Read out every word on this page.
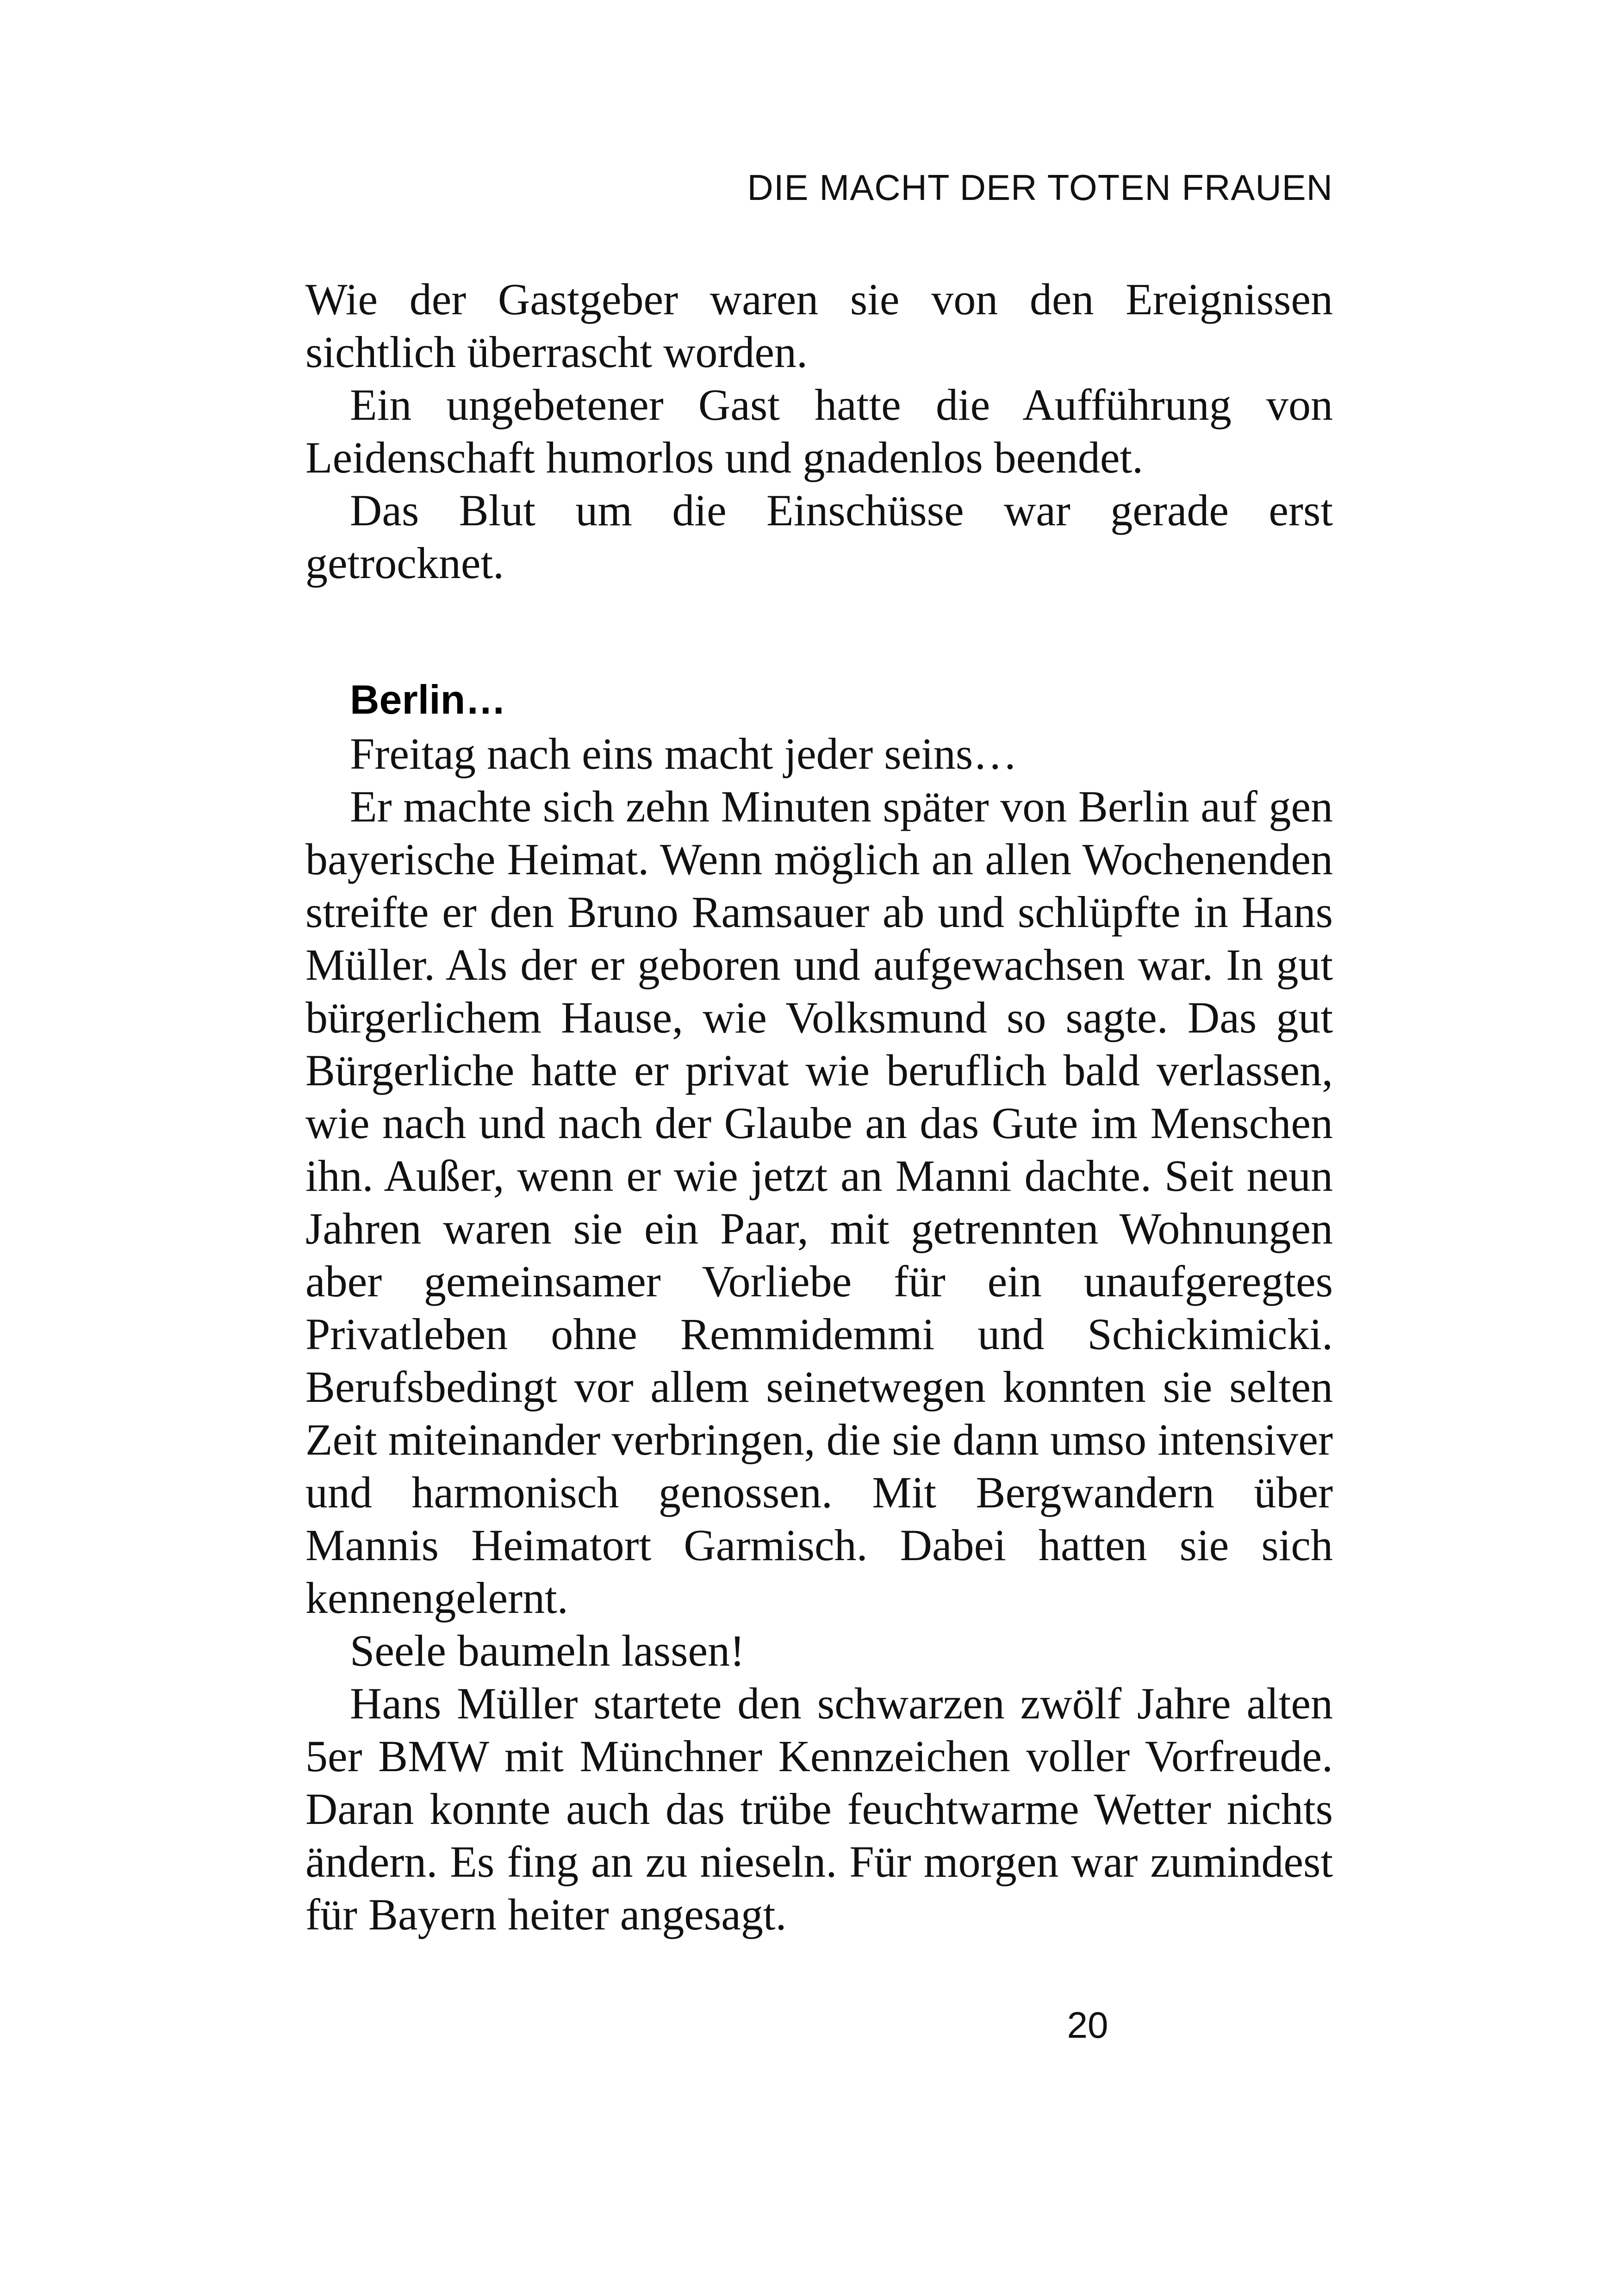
DIE MACHT DER TOTEN FRAUEN

Wie der Gastgeber waren sie von den Ereignissen sichtlich überrascht worden.

Ein ungebetener Gast hatte die Aufführung von Leidenschaft humorlos und gnadenlos beendet.

Das Blut um die Einschüsse war gerade erst getrocknet.

Berlin…

Freitag nach eins macht jeder seins…

Er machte sich zehn Minuten später von Berlin auf gen bayerische Heimat. Wenn möglich an allen Wochenenden streifte er den Bruno Ramsauer ab und schlüpfte in Hans Müller. Als der er geboren und aufgewachsen war. In gut bürgerlichem Hause, wie Volksmund so sagte. Das gut Bürgerliche hatte er privat wie beruflich bald verlassen, wie nach und nach der Glaube an das Gute im Menschen ihn. Außer, wenn er wie jetzt an Manni dachte. Seit neun Jahren waren sie ein Paar, mit getrennten Wohnungen aber gemeinsamer Vorliebe für ein unaufgeregtes Privatleben ohne Remmidemmi und Schickimicki. Berufsbedingt vor allem seinetwegen konnten sie selten Zeit miteinander verbringen, die sie dann umso intensiver und harmonisch genossen. Mit Bergwandern über Mannis Heimatort Garmisch. Dabei hatten sie sich kennengelernt.

Seele baumeln lassen!

Hans Müller startete den schwarzen zwölf Jahre alten 5er BMW mit Münchner Kennzeichen voller Vorfreude. Daran konnte auch das trübe feuchtwarme Wetter nichts ändern. Es fing an zu nieseln. Für morgen war zumindest für Bayern heiter angesagt.

20
